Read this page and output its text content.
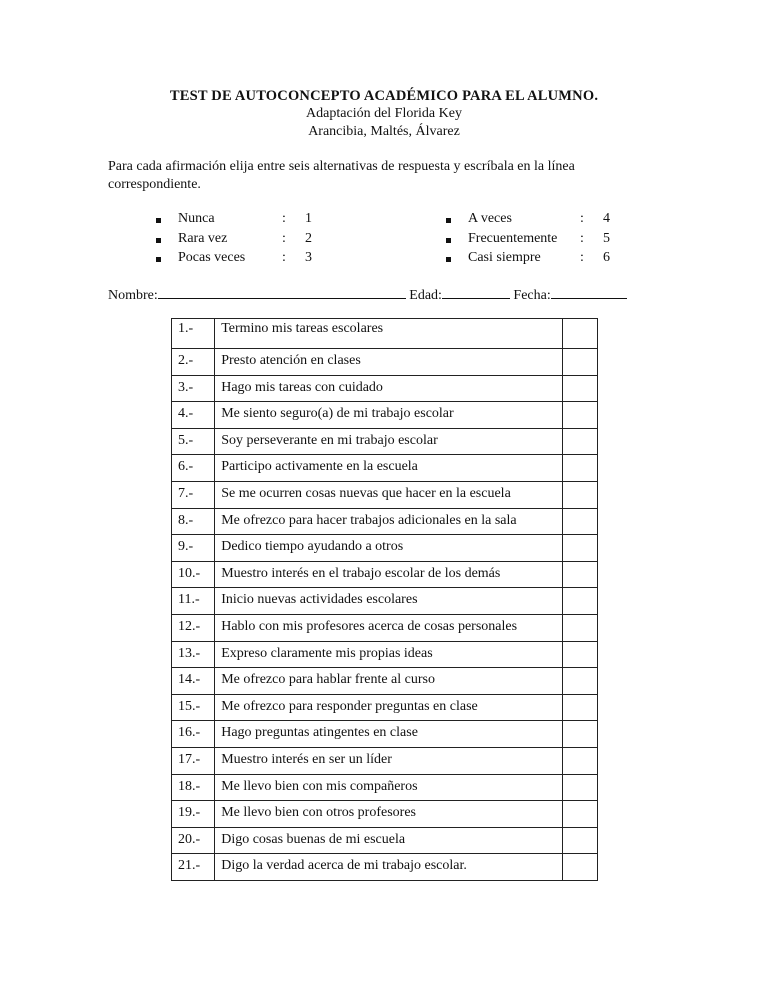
TEST DE AUTOCONCEPTO ACADÉMICO PARA EL ALUMNO.
Adaptación del Florida Key
Arancibia, Maltés, Álvarez
Para cada afirmación elija entre seis alternativas de respuesta y escríbala en la línea correspondiente.
Nunca	: 1
Rara vez	: 2
Pocas veces	: 3
A veces	: 4
Frecuentemente : 5
Casi siempre	: 6
Nombre:	Edad:	Fecha:
1.-	Termino mis tareas escolares	
2.-	Presto atención en clases	
3.-	Hago mis tareas con cuidado	
4.-	Me siento seguro(a) de mi trabajo escolar	
5.-	Soy perseverante en mi trabajo escolar	
6.-	Participo activamente en la escuela	
7.-	Se me ocurren cosas nuevas que hacer en la escuela	
8.-	Me ofrezco para hacer trabajos adicionales en la sala	
9.-	Dedico tiempo ayudando a otros	
10.-	Muestro interés en el trabajo escolar de los demás	
11.-	Inicio nuevas actividades escolares	
12.-	Hablo con mis profesores acerca de cosas personales	
13.-	Expreso claramente mis propias ideas	
14.-	Me ofrezco para hablar frente al curso	
15.-	Me ofrezco para responder preguntas en clase	
16.-	Hago preguntas atingentes en clase	
17.-	Muestro interés en ser un líder	
18.-	Me llevo bien con mis compañeros	
19.-	Me llevo bien con otros profesores	
20.-	Digo cosas buenas de mi escuela	
21.-	Digo la verdad acerca de mi trabajo escolar.	
